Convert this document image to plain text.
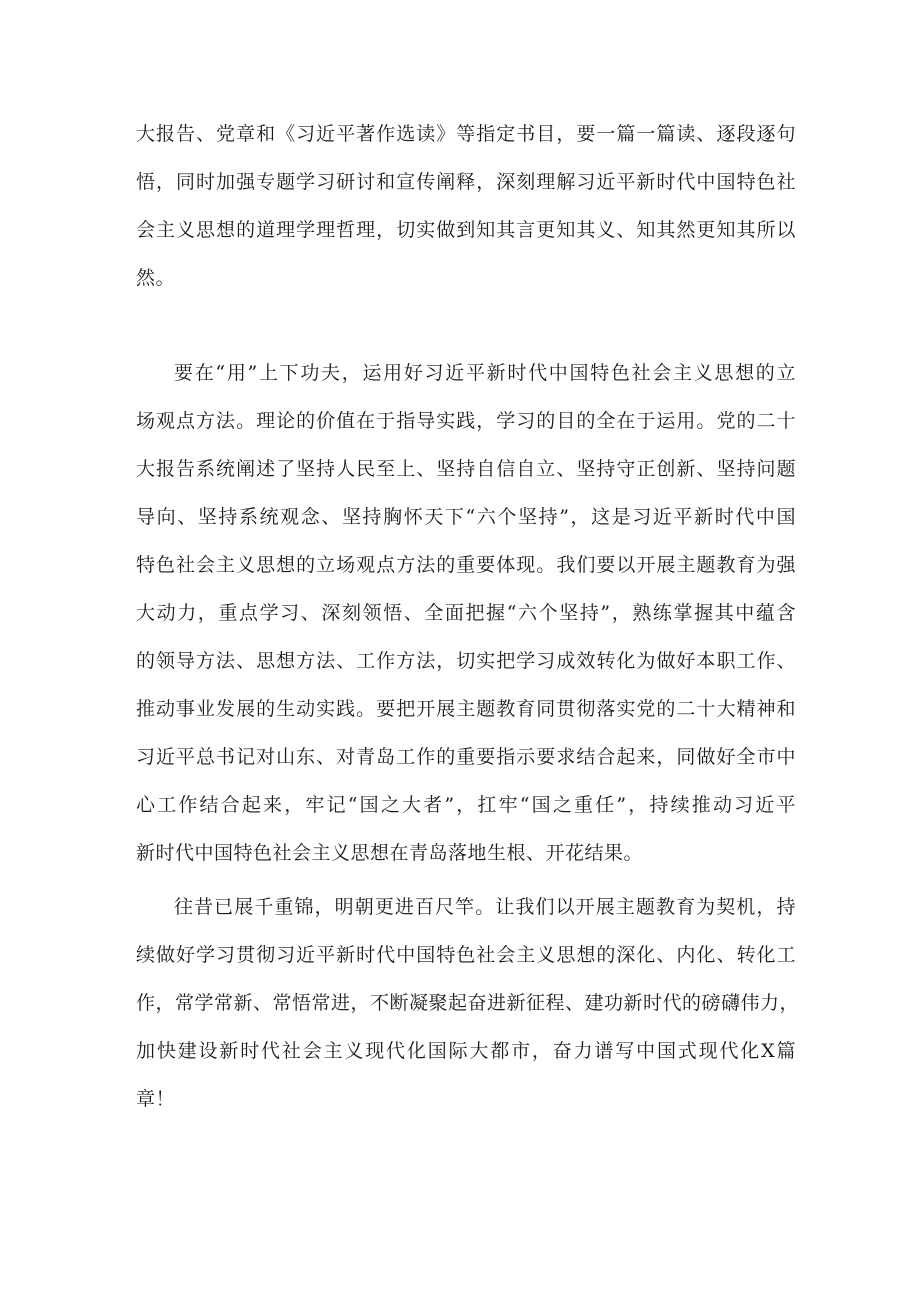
大报告、党章和《习近平著作选读》等指定书目，要一篇一篇读、逐段逐句
悟，同时加强专题学习研讨和宣传阐释，深刻理解习近平新时代中国特色社
会主义思想的道理学理哲理，切实做到知其言更知其义、知其然更知其所以
然。
要在“用”上下功夫，运用好习近平新时代中国特色社会主义思想的立
场观点方法。理论的价值在于指导实践，学习的目的全在于运用。党的二十
大报告系统阐述了坚持人民至上、坚持自信自立、坚持守正创新、坚持问题
导向、坚持系统观念、坚持胸怀天下“六个坚持”，这是习近平新时代中国
特色社会主义思想的立场观点方法的重要体现。我们要以开展主题教育为强
大动力，重点学习、深刻领悟、全面把握“六个坚持”，熟练掌握其中蕴含
的领导方法、思想方法、工作方法，切实把学习成效转化为做好本职工作、
推动事业发展的生动实践。要把开展主题教育同贯彻落实党的二十大精神和
习近平总书记对山东、对青岛工作的重要指示要求结合起来，同做好全市中
心工作结合起来，牢记“国之大者”，扛牢“国之重任”，持续推动习近平
新时代中国特色社会主义思想在青岛落地生根、开花结果。
往昔已展千重锦，明朝更进百尺竿。让我们以开展主题教育为契机，持
续做好学习贯彻习近平新时代中国特色社会主义思想的深化、内化、转化工
作，常学常新、常悟常进，不断凝聚起奋进新征程、建功新时代的磅礴伟力，
加快建设新时代社会主义现代化国际大都市，奋力谱写中国式现代化X篇
章！
